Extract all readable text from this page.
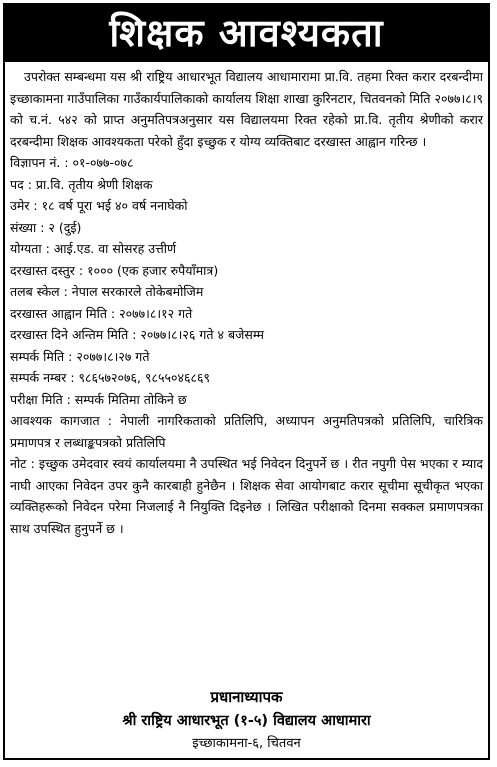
शिक्षक आवश्यकता

उपरोक्त सम्बन्धमा यस श्री राष्ट्रिय आधारभूत विद्यालय आधामारामा प्रा.वि. तहमा रिक्त करार दरबन्दीमा इच्छाकामना गाउँपालिका गाउँकार्यपालिकाको कार्यालय शिक्षा शाखा कुरिनटार, चितवनको मिति २०७७।८।९ को च.नं. ५४२ को प्राप्त अनुमतिपत्रअनुसार यस विद्यालयमा रिक्त रहेको प्रा.वि. तृतीय श्रेणीको करार दरबन्दीमा शिक्षक आवश्यकता परेको हुँदा इच्छुक र योग्य व्यक्तिबाट दरखास्त आह्वान गरिन्छ ।

विज्ञापन नं. : ०१-०७७-०७८

पद : प्रा.वि. तृतीय श्रेणी शिक्षक

उमेर : १८ वर्ष पूरा भई ४० वर्ष ननाघेको

संख्या : २ (दुई)

योग्यता : आई.एड. वा सोसरह उत्तीर्ण

दरखास्त दस्तुर : १००० (एक हजार रुपैयाँमात्र)

तलब स्केल : नेपाल सरकारले तोकेबमोजिम

दरखास्त आह्वान मिति : २०७७।८।१२ गते

दरखास्त दिने अन्तिम मिति : २०७७।८।२६ गते ४ बजेसम्म

सम्पर्क मिति : २०७७।८।२७ गते

सम्पर्क नम्बर : ९८६५७२०७६, ९८५५०४६८६९

परीक्षा मिति : सम्पर्क मितिमा तोकिने छ

आवश्यक कागजात : नेपाली नागरिकताको प्रतिलिपि, अध्यापन अनुमतिपत्रको प्रतिलिपि, चारित्रिक प्रमाणपत्र र लब्धाङ्कपत्रको प्रतिलिपि

नोट : इच्छुक उमेदवार स्वयं कार्यालयमा नै उपस्थित भई निवेदन दिनुपर्ने छ । रीत नपुगी पेस भएका र म्याद नाघी आएका निवेदन उपर कुनै कारबाही हुनेछैन । शिक्षक सेवा आयोगबाट करार सूचीमा सूचीकृत भएका व्यक्तिहरूको निवेदन परेमा निजलाई नै नियुक्ति दिइनेछ । लिखित परीक्षाको दिनमा सक्कल प्रमाणपत्रका साथ उपस्थित हुनुपर्ने छ ।

प्रधानाध्यापक
श्री राष्ट्रिय आधारभूत (१-५) विद्यालय आधामारा
इच्छाकामना-६, चितवन
